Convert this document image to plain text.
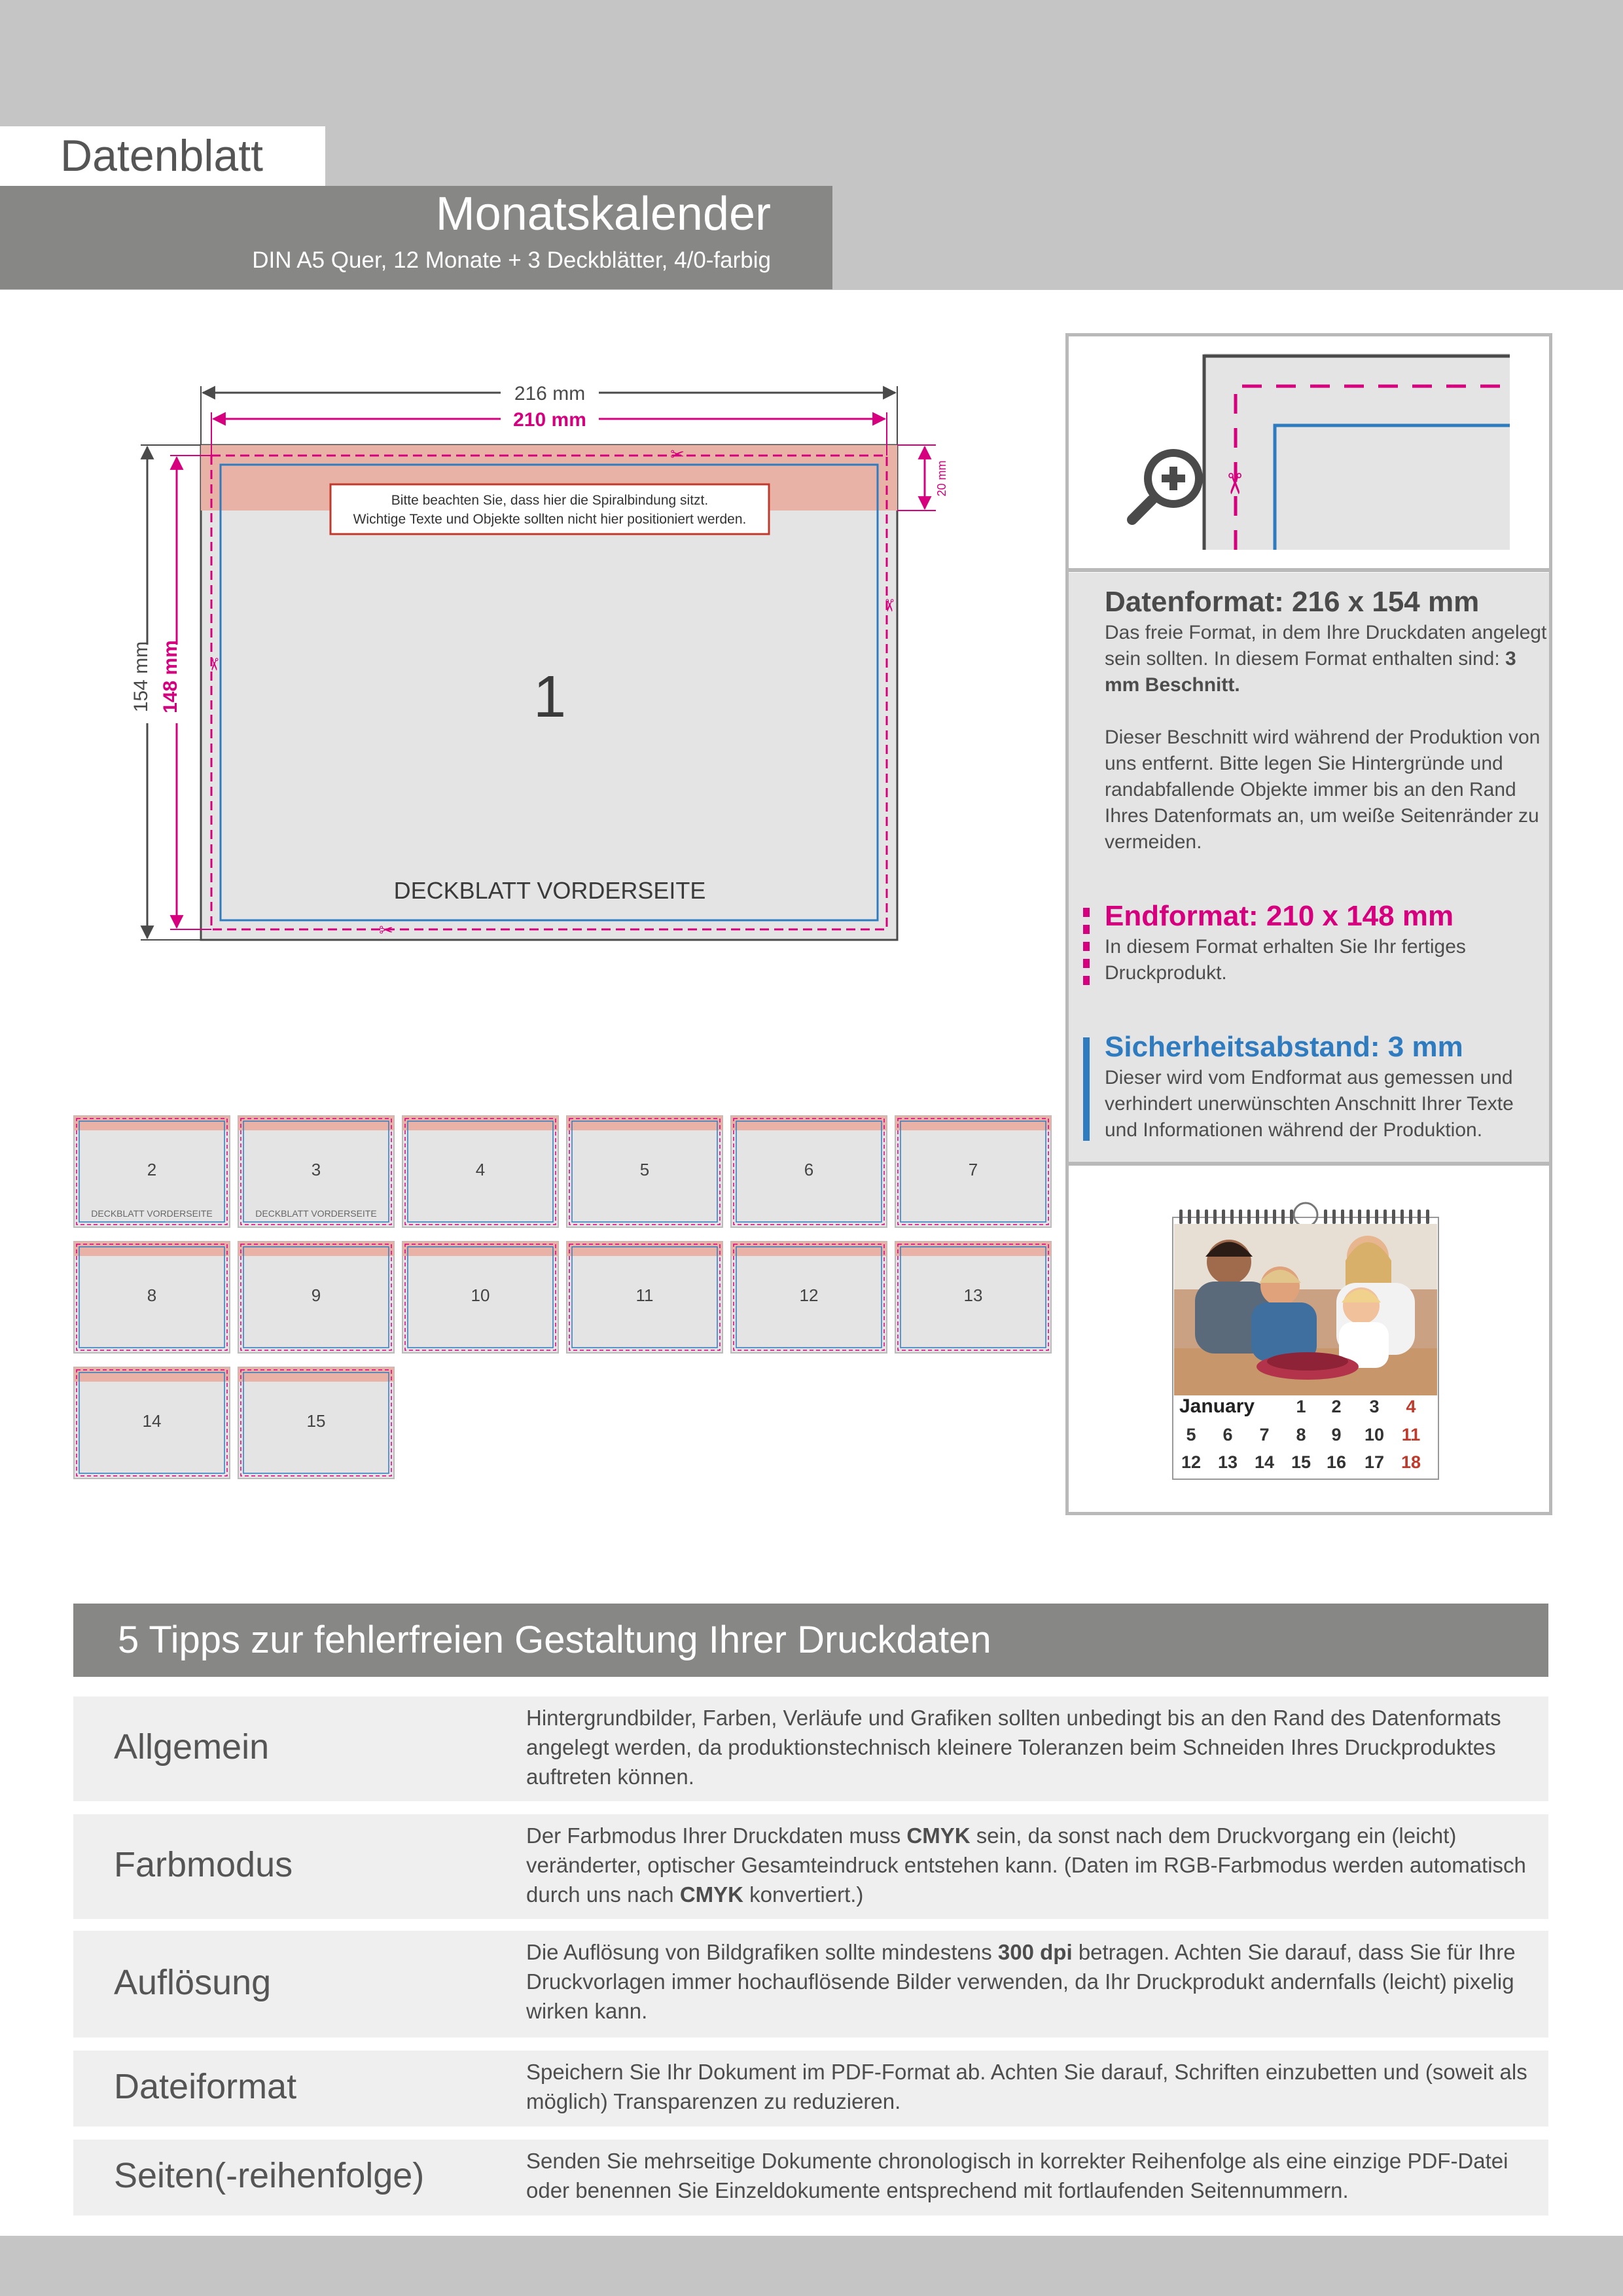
Datenblatt
Monatskalender
DIN A5 Quer, 12 Monate + 3 Deckblätter, 4/0-farbig
✂
✂
✂
✂
216 mm
210 mm
154 mm 148 mm
20 mm
Bitte beachten Sie, dass hier die Spiralbindung sitzt.
Wichtige Texte und Objekte sollten nicht hier positioniert werden.
1
DECKBLATT VORDERSEITE
2
DECKBLATT VORDERSEITE
3
DECKBLATT VORDERSEITE
4	5	6	7
8	9	10	11	12	13
14	15
✂
Datenformat: 216 x 154 mm
Das freie Format, in dem Ihre Druckdaten angelegt sein sollten. In diesem Format enthalten sind: 3 mm Beschnitt.
Dieser Beschnitt wird während der Produktion von uns entfernt. Bitte legen Sie Hintergründe und randabfallende Objekte immer bis an den Rand Ihres Datenformats an, um weiße Seitenränder zu vermeiden.
Endformat: 210 x 148 mm
In diesem Format erhalten Sie Ihr fertiges Druckprodukt.
Sicherheitsabstand: 3 mm
Dieser wird vom Endformat aus gemessen und verhindert unerwünschten Anschnitt Ihrer Texte und Informationen während der Produktion.
January 1 2 3 4
5 6 7 8 9 10 11
12 13 14 15 16 17 18
5 Tipps zur fehlerfreien Gestaltung Ihrer Druckdaten
Allgemein
Hintergrundbilder, Farben, Verläufe und Grafiken sollten unbedingt bis an den Rand des Datenformats angelegt werden, da produktionstechnisch kleinere Toleranzen beim Schneiden Ihres Druckproduktes auftreten können.
Farbmodus
Der Farbmodus Ihrer Druckdaten muss CMYK sein, da sonst nach dem Druckvorgang ein (leicht) veränderter, optischer Gesamteindruck entstehen kann. (Daten im RGB-Farbmodus werden automatisch durch uns nach CMYK konvertiert.)
Auflösung
Die Auflösung von Bildgrafiken sollte mindestens 300 dpi betragen. Achten Sie darauf, dass Sie für Ihre Druckvorlagen immer hochauflösende Bilder verwenden, da Ihr Druckprodukt andernfalls (leicht) pixelig wirken kann.
Dateiformat	Speichern Sie Ihr Dokument im PDF-Format ab. Achten Sie darauf, Schriften einzubetten und (soweit als möglich) Transparenzen zu reduzieren.
Seiten(-reihenfolge)	Senden Sie mehrseitige Dokumente chronologisch in korrekter Reihenfolge als eine einzige PDF-Datei oder benennen Sie Einzeldokumente entsprechend mit fortlaufenden Seitennummern.
